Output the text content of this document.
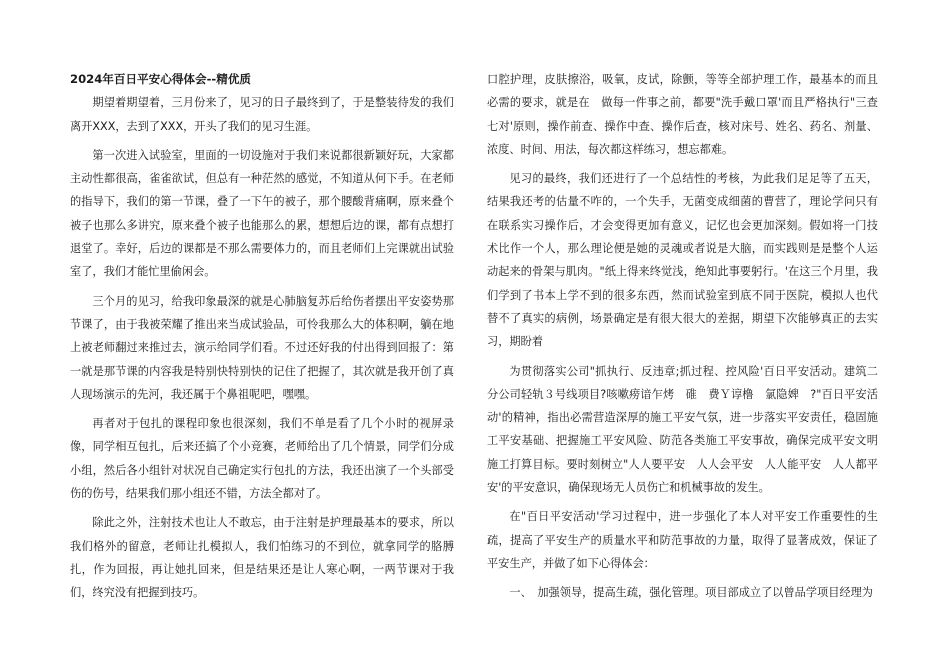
2024年百日平安心得体会--精优质

期望着期望着，三月份来了，见习的日子最终到了，于是整装待发的我们离开XXX，去到了XXX，开头了我们的见习生涯。

第一次进入试验室，里面的一切设施对于我们来说都很新颖好玩，大家都主动性都很高，雀雀欲试，但总有一种茫然的感觉，不知道从何下手。在老师的指导下，我们的第一节课，叠了一下午的被子，那个腰酸背痛啊，原来叠个被子也那么多讲究，原来叠个被子也能那么的累，想想后边的课，都有点想打退堂了。幸好，后边的课都是不那么需要体力的，而且老师们上完课就出试验室了，我们才能忙里偷闲会。

三个月的见习，给我印象最深的就是心肺脑复苏后给伤者摆出平安姿势那节课了，由于我被荣耀了推出来当成试验品，可怜我那么大的体积啊，躺在地上被老师翻过来推过去，演示给同学们看。不过还好我的付出得到回报了：第一就是那节课的内容我是特别快特别快的记住了把握了，其次就是我开创了真人现场演示的先河，我还属于个鼻祖呢吧，嘿嘿。

再者对于包扎的课程印象也很深刻，我们不单是看了几个小时的视屏录像，同学相互包扎，后来还搞了个小竞赛，老师给出了几个情景，同学们分成小组，然后各小组针对状况自己确定实行包扎的方法，我还出演了一个头部受伤的伤号，结果我们那小组还不错，方法全都对了。

除此之外，注射技术也让人不敢忘，由于注射是护理最基本的要求，所以我们格外的留意，老师让扎模拟人，我们怕练习的不到位，就拿同学的胳膊扎，作为回报，再让她扎回来，但是结果还是让人寒心啊，一两节课对于我们，终究没有把握到技巧。

口腔护理，皮肤擦浴，吸氧，皮试，除颤，等等全部护理工作，最基本的而且必需的要求，就是在　做每一件事之前，都要"洗手戴口罩'而且严格执行"三查七对'原则，操作前查、操作中查、操作后查，核对床号、姓名、药名、剂量、浓度、时间、用法，每次都这样练习，想忘都难。

见习的最终，我们还进行了一个总结性的考核，为此我们足足等了五天，结果我还考的估量不咋的，一个失手，无菌变成细菌的曹营了，理论学问只有在联系实习操作后，才会变得更加有意义，记忆也会更加深刻。假如将一门技术比作一个人，那么理论便是她的灵魂或者说是大脑，而实践则是是整个人运动起来的骨架与肌肉。"纸上得来终觉浅，绝知此事要躬行。'在这三个月里，我们学到了书本上学不到的很多东西，然而试验室到底不同于医院，模拟人也代替不了真实的病例，场景确定是有很大很大的差据，期望下次能够真正的去实习，期盼着

为贯彻落实公司"抓执行、反违章;抓过程、控风险'百日平安活动。建筑二分公司轻轨３号线项目?咳嗽痨谙乍烤　碓　费Ｙ谆橹　氯隐婢　?"百日平安活动'的精神，指出必需营造深厚的施工平安气氛，进一步落实平安责任，稳固施工平安基础、把握施工平安风险、防范各类施工平安事故，确保完成平安文明施工打算目标。要时刻树立"人人要平安　人人会平安　人人能平安　人人都平安'的平安意识，确保现场无人员伤亡和机械事故的发生。

在"百日平安活动'学习过程中，进一步强化了本人对平安工作重要性的生疏，提高了平安生产的质量水平和防范事故的力量，取得了显著成效，保证了平安生产，并做了如下心得体会：

一、　加强领导，提高生疏，强化管理。项目部成立了以曾品学项目经理为
